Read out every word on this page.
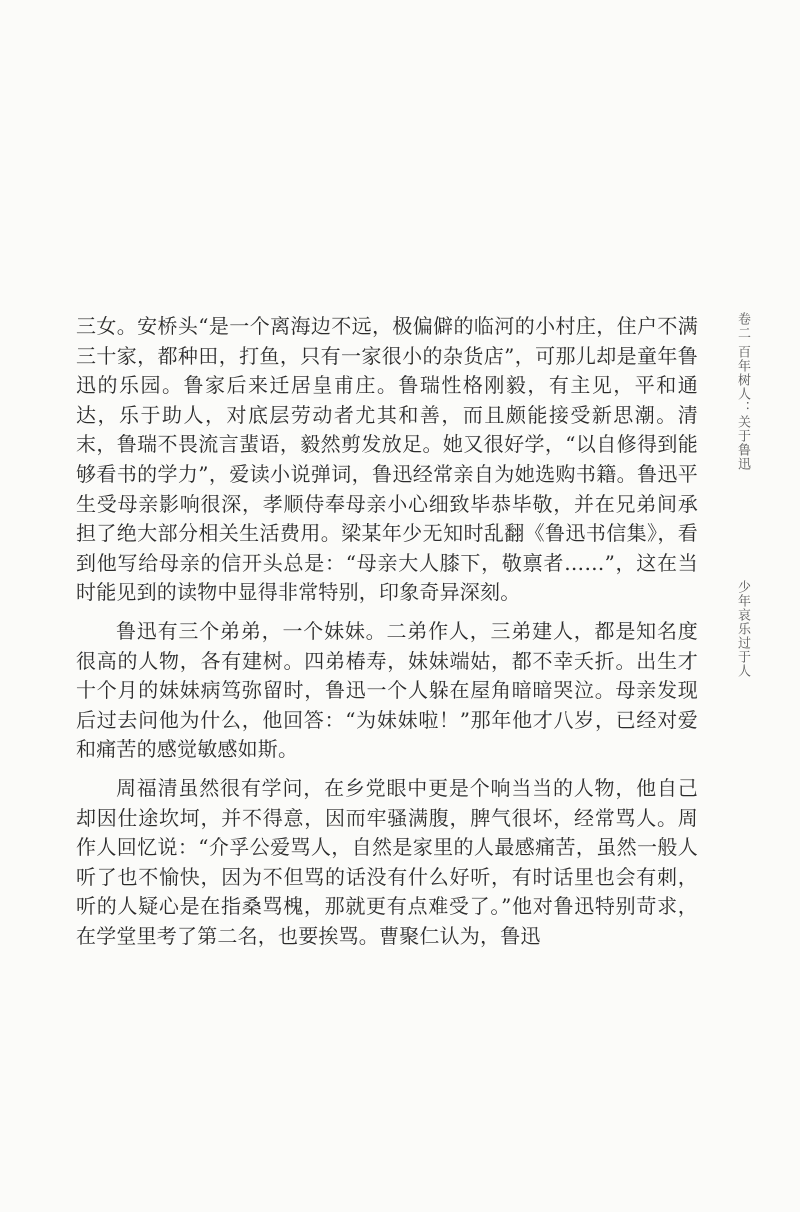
三女。安桥头“是一个离海边不远，极偏僻的临河的小村庄，住户不满三十家，都种田，打鱼，只有一家很小的杂货店”，可那儿却是童年鲁迅的乐园。鲁家后来迁居皇甫庄。鲁瑞性格刚毅，有主见，平和通达，乐于助人，对底层劳动者尤其和善，而且颇能接受新思潮。清末，鲁瑞不畏流言蜚语，毅然剪发放足。她又很好学，“以自修得到能够看书的学力”，爱读小说弹词，鲁迅经常亲自为她选购书籍。鲁迅平生受母亲影响很深，孝顺侍奉母亲小心细致毕恭毕敬，并在兄弟间承担了绝大部分相关生活费用。梁某年少无知时乱翻《鲁迅书信集》，看到他写给母亲的信开头总是：“母亲大人膝下，敬禀者……”，这在当时能见到的读物中显得非常特别，印象奇异深刻。

鲁迅有三个弟弟，一个妹妹。二弟作人，三弟建人，都是知名度很高的人物，各有建树。四弟椿寿，妹妹端姑，都不幸夭折。出生才十个月的妹妹病笃弥留时，鲁迅一个人躲在屋角暗暗哭泣。母亲发现后过去问他为什么，他回答：“为妹妹啦！”那年他才八岁，已经对爱和痛苦的感觉敏感如斯。

周福清虽然很有学问，在乡党眼中更是个响当当的人物，他自己却因仕途坎坷，并不得意，因而牢骚满腹，脾气很坏，经常骂人。周作人回忆说：“介孚公爱骂人，自然是家里的人最感痛苦，虽然一般人听了也不愉快，因为不但骂的话没有什么好听，有时话里也会有刺，听的人疑心是在指桑骂槐，那就更有点难受了。”他对鲁迅特别苛求，在学堂里考了第二名，也要挨骂。曹聚仁认为，鲁迅

卷二 百年树人：关于鲁迅
少年哀乐过于人
